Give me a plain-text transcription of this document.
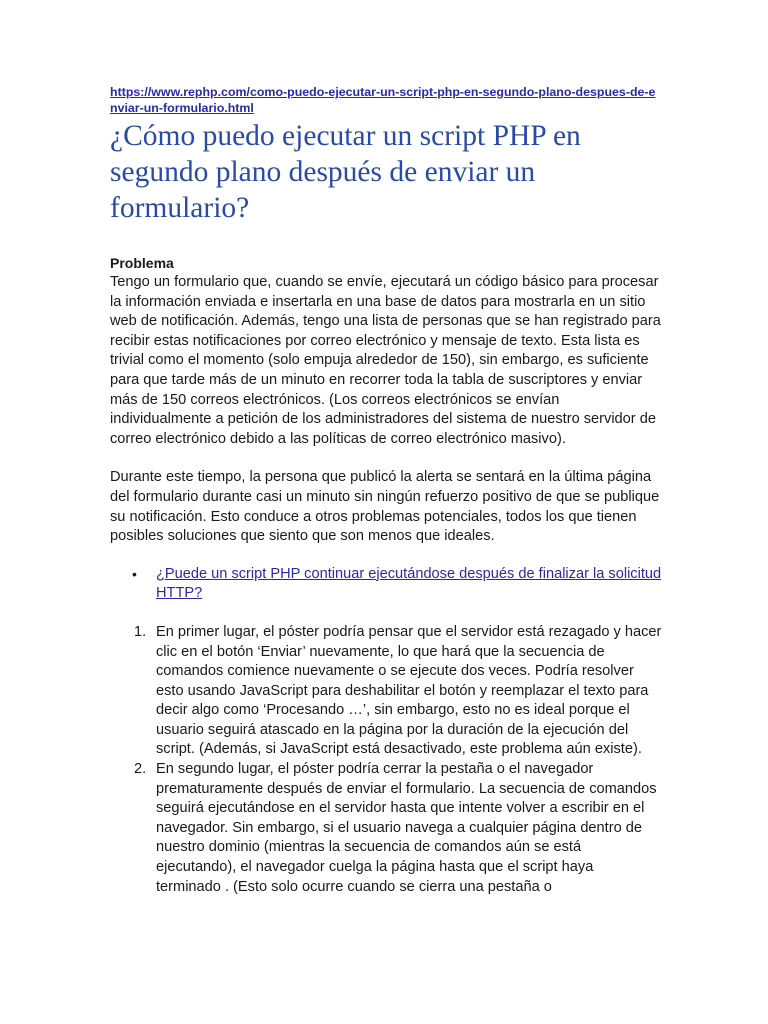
https://www.rephp.com/como-puedo-ejecutar-un-script-php-en-segundo-plano-despues-de-enviar-un-formulario.html
¿Cómo puedo ejecutar un script PHP en segundo plano después de enviar un formulario?
Problema

Tengo un formulario que, cuando se envíe, ejecutará un código básico para procesar la información enviada e insertarla en una base de datos para mostrarla en un sitio web de notificación. Además, tengo una lista de personas que se han registrado para recibir estas notificaciones por correo electrónico y mensaje de texto. Esta lista es trivial como el momento (solo empuja alrededor de 150), sin embargo, es suficiente para que tarde más de un minuto en recorrer toda la tabla de suscriptores y enviar más de 150 correos electrónicos. (Los correos electrónicos se envían individualmente a petición de los administradores del sistema de nuestro servidor de correo electrónico debido a las políticas de correo electrónico masivo).

Durante este tiempo, la persona que publicó la alerta se sentará en la última página del formulario durante casi un minuto sin ningún refuerzo positivo de que se publique su notificación. Esto conduce a otros problemas potenciales, todos los que tienen posibles soluciones que siento que son menos que ideales.

• ¿Puede un script PHP continuar ejecutándose después de finalizar la solicitud HTTP?
1. En primer lugar, el póster podría pensar que el servidor está rezagado y hacer clic en el botón ‘Enviar’ nuevamente, lo que hará que la secuencia de comandos comience nuevamente o se ejecute dos veces. Podría resolver esto usando JavaScript para deshabilitar el botón y reemplazar el texto para decir algo como ‘Procesando …’, sin embargo, esto no es ideal porque el usuario seguirá atascado en la página por la duración de la ejecución del script. (Además, si JavaScript está desactivado, este problema aún existe).
2. En segundo lugar, el póster podría cerrar la pestaña o el navegador prematuramente después de enviar el formulario. La secuencia de comandos seguirá ejecutándose en el servidor hasta que intente volver a escribir en el navegador. Sin embargo, si el usuario navega a cualquier página dentro de nuestro dominio (mientras la secuencia de comandos aún se está ejecutando), el navegador cuelga la página hasta que el script haya terminado . (Esto solo ocurre cuando se cierra una pestaña o
